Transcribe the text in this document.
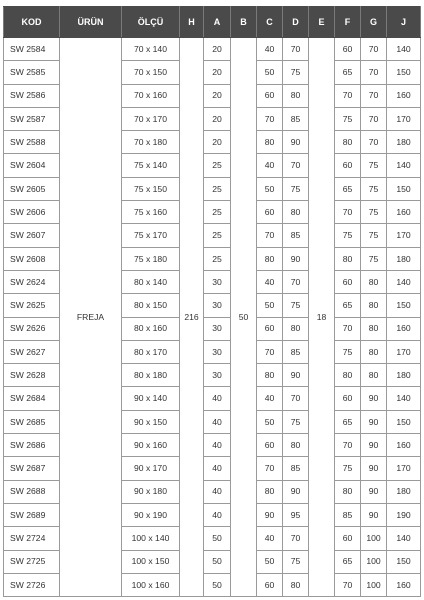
KOD	ÜRÜN	ÖLÇÜ	H	A	B	C	D	E	F	G	J
SW 2584	FREJA	70 x 140	216	20	50	40	70	18	60	70	140
SW 2585		70 x 150		20		50	75		65	70	150
SW 2586		70 x 160		20		60	80		70	70	160
SW 2587		70 x 170		20		70	85		75	70	170
SW 2588		70 x 180		20		80	90		80	70	180
SW 2604		75 x 140		25		40	70		60	75	140
SW 2605		75 x 150		25		50	75		65	75	150
SW 2606		75 x 160		25		60	80		70	75	160
SW 2607		75 x 170		25		70	85		75	75	170
SW 2608		75 x 180		25		80	90		80	75	180
SW 2624		80 x 140		30		40	70		60	80	140
SW 2625		80 x 150		30		50	75		65	80	150
SW 2626		80 x 160		30		60	80		70	80	160
SW 2627		80 x 170		30		70	85		75	80	170
SW 2628		80 x 180		30		80	90		80	80	180
SW 2684		90 x 140		40		40	70		60	90	140
SW 2685		90 x 150		40		50	75		65	90	150
SW 2686		90 x 160		40		60	80		70	90	160
SW 2687		90 x 170		40		70	85		75	90	170
SW 2688		90 x 180		40		80	90		80	90	180
SW 2689		90 x 190		40		90	95		85	90	190
SW 2724		100 x 140		50		40	70		60	100	140
SW 2725		100 x 150		50		50	75		65	100	150
SW 2726		100 x 160		50		60	80		70	100	160
